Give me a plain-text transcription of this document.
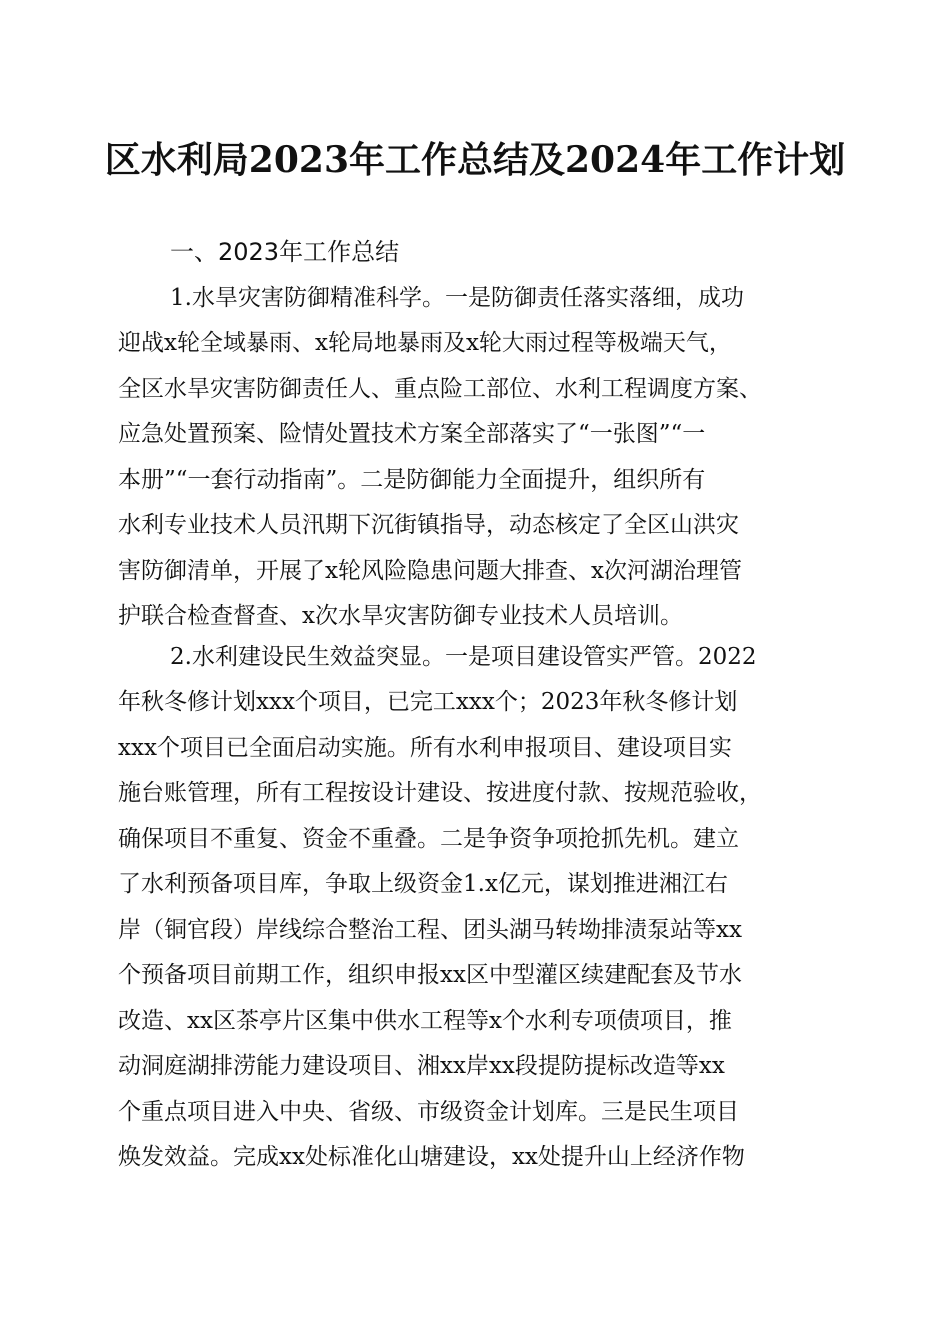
区水利局2023年工作总结及2024年工作计划
一、2023年工作总结
1.水旱灾害防御精准科学。一是防御责任落实落细，成功
迎战x轮全域暴雨、x轮局地暴雨及x轮大雨过程等极端天气，
全区水旱灾害防御责任人、重点险工部位、水利工程调度方案、
应急处置预案、险情处置技术方案全部落实了“一张图”“一
本册”“一套行动指南”。二是防御能力全面提升，组织所有
水利专业技术人员汛期下沉街镇指导，动态核定了全区山洪灾
害防御清单，开展了x轮风险隐患问题大排查、x次河湖治理管
护联合检查督查、x次水旱灾害防御专业技术人员培训。
2.水利建设民生效益突显。一是项目建设管实严管。2022
年秋冬修计划xxx个项目，已完工xxx个；2023年秋冬修计划
xxx个项目已全面启动实施。所有水利申报项目、建设项目实
施台账管理，所有工程按设计建设、按进度付款、按规范验收，
确保项目不重复、资金不重叠。二是争资争项抢抓先机。建立
了水利预备项目库，争取上级资金1.x亿元，谋划推进湘江右
岸（铜官段）岸线综合整治工程、团头湖马转坳排渍泵站等xx
个预备项目前期工作，组织申报xx区中型灌区续建配套及节水
改造、xx区茶亭片区集中供水工程等x个水利专项债项目，推
动洞庭湖排涝能力建设项目、湘xx岸xx段提防提标改造等xx
个重点项目进入中央、省级、市级资金计划库。三是民生项目
焕发效益。完成xx处标准化山塘建设，xx处提升山上经济作物
